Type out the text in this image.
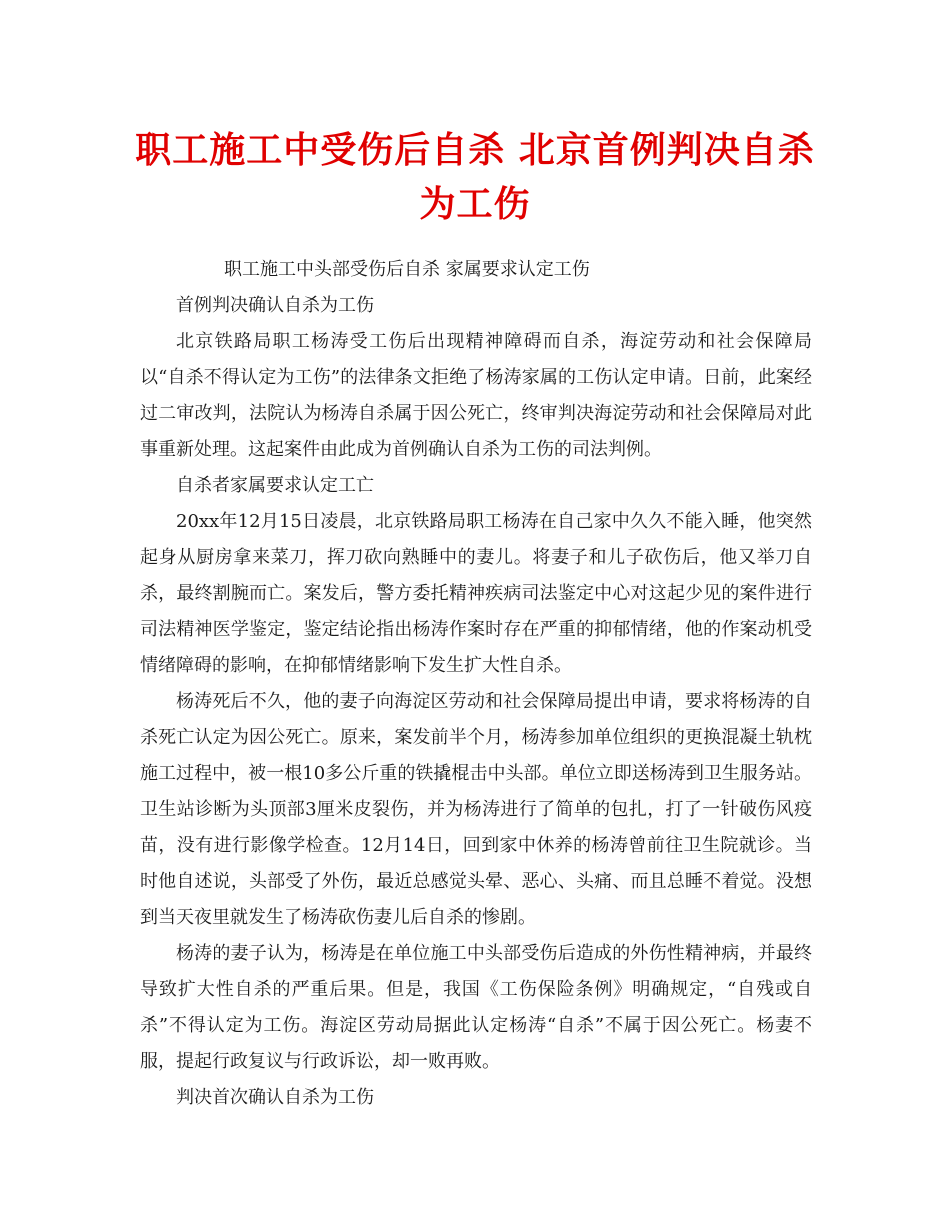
职工施工中受伤后自杀 北京首例判决自杀为工伤

职工施工中头部受伤后自杀 家属要求认定工伤

首例判决确认自杀为工伤

北京铁路局职工杨涛受工伤后出现精神障碍而自杀，海淀劳动和社会保障局以“自杀不得认定为工伤”的法律条文拒绝了杨涛家属的工伤认定申请。日前，此案经过二审改判，法院认为杨涛自杀属于因公死亡，终审判决海淀劳动和社会保障局对此事重新处理。这起案件由此成为首例确认自杀为工伤的司法判例。

自杀者家属要求认定工亡

20xx年12月15日凌晨，北京铁路局职工杨涛在自己家中久久不能入睡，他突然起身从厨房拿来菜刀，挥刀砍向熟睡中的妻儿。将妻子和儿子砍伤后，他又举刀自杀，最终割腕而亡。案发后，警方委托精神疾病司法鉴定中心对这起少见的案件进行司法精神医学鉴定，鉴定结论指出杨涛作案时存在严重的抑郁情绪，他的作案动机受情绪障碍的影响，在抑郁情绪影响下发生扩大性自杀。

杨涛死后不久，他的妻子向海淀区劳动和社会保障局提出申请，要求将杨涛的自杀死亡认定为因公死亡。原来，案发前半个月，杨涛参加单位组织的更换混凝土轨枕施工过程中，被一根10多公斤重的铁撬棍击中头部。单位立即送杨涛到卫生服务站。卫生站诊断为头顶部3厘米皮裂伤，并为杨涛进行了简单的包扎，打了一针破伤风疫苗，没有进行影像学检查。12月14日，回到家中休养的杨涛曾前往卫生院就诊。当时他自述说，头部受了外伤，最近总感觉头晕、恶心、头痛、而且总睡不着觉。没想到当天夜里就发生了杨涛砍伤妻儿后自杀的惨剧。

杨涛的妻子认为，杨涛是在单位施工中头部受伤后造成的外伤性精神病，并最终导致扩大性自杀的严重后果。但是，我国《工伤保险条例》明确规定，“自残或自杀”不得认定为工伤。海淀区劳动局据此认定杨涛“自杀”不属于因公死亡。杨妻不服，提起行政复议与行政诉讼，却一败再败。

判决首次确认自杀为工伤
